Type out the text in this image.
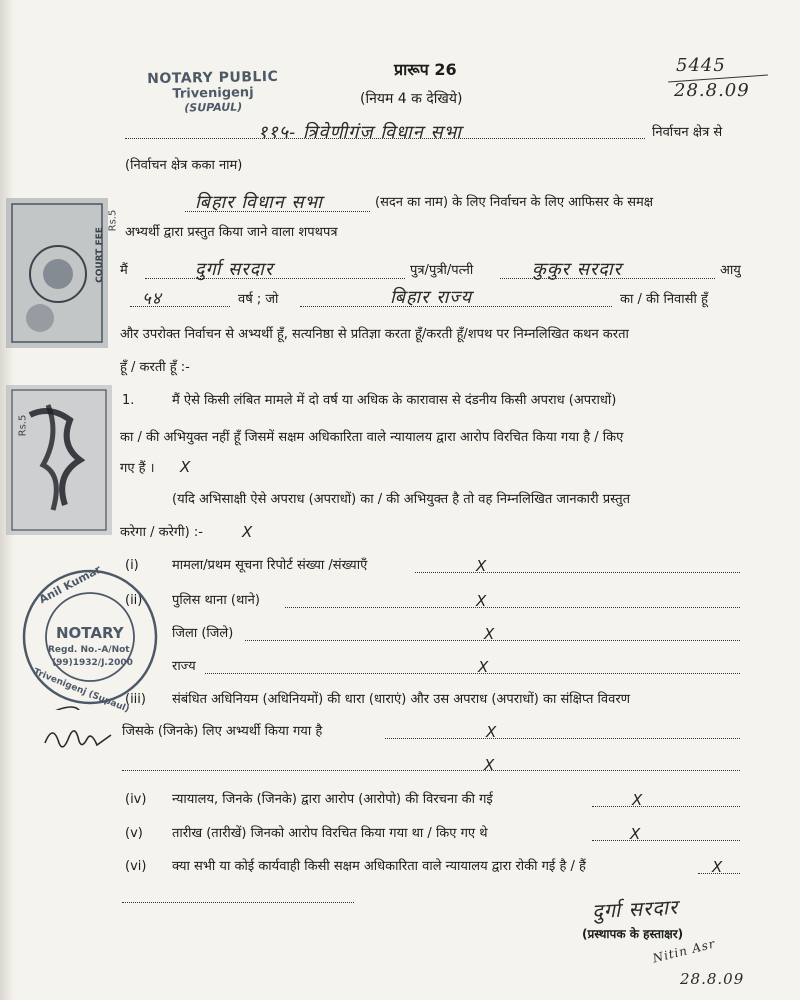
प्रारूप 26
(नियम 4 क देखिये)
5445
28.8.09
NOTARY PUBLIC
Trivenigenj
(SUPAUL)
११५- त्रिवेणीगंज विधान सभा	निर्वाचन क्षेत्र से
(निर्वाचन क्षेत्र कका नाम)
बिहार विधान सभा	(सदन का नाम) के लिए निर्वाचन के लिए आफिसर के समक्ष
अभ्यर्थी द्वारा प्रस्तुत किया जाने वाला शपथपत्र
मैं	दुर्गा सरदार	पुत्र/पुत्री/पत्नी	कुकुर सरदार	आयु
५४	वर्ष ; जो	बिहार राज्य	का / की निवासी हूँ
और उपरोक्त निर्वाचन से अभ्यर्थी हूँ, सत्यनिष्ठा से प्रतिज्ञा करता हूँ/करती हूँ/शपथ पर निम्नलिखित कथन करता
हूँ / करती हूँ :-
1.	मैं ऐसे किसी लंबित मामले में दो वर्ष या अधिक के कारावास से दंडनीय किसी अपराध (अपराधों)
का / की अभियुक्त नहीं हूँ जिसमें सक्षम अधिकारिता वाले न्यायालय द्वारा आरोप विरचित किया गया है / किए
गए हैं । X
(यदि अभिसाक्षी ऐसे अपराध (अपराधों) का / की अभियुक्त है तो वह निम्नलिखित जानकारी प्रस्तुत
करेगा / करेगी) :-	X
(i)	मामला/प्रथम सूचना रिपोर्ट संख्या /संख्याएँ	X
(ii) पुलिस थाना (थाने)	X
जिला (जिले)	X
राज्य	X
(iii) संबंधित अधिनियम (अधिनियमों) की धारा (धाराएं) और उस अपराध (अपराधों) का संक्षिप्त विवरण
जिसके (जिनके) लिए अभ्यर्थी किया गया है	X
X
(iv) न्यायालय, जिनके (जिनके) द्वारा आरोप (आरोपो) की विरचना की गई	X
(v) तारीख (तारीखें) जिनको आरोप विरचित किया गया था / किए गए थे	X
(vi) क्या सभी या कोई कार्यवाही किसी सक्षम अधिकारिता वाले न्यायालय द्वारा रोकी गई है / हैं	X
दुर्गा सरदार
(प्रस्थापक के हस्ताक्षर)
Nitin Asr
28.8.09
Rs.5
COURT FEE
Rs.5
Anil Kumar
NOTARY
Regd. No.-A/Not.
(99)1932/J.2000
Trivenigenj (Supaul)
